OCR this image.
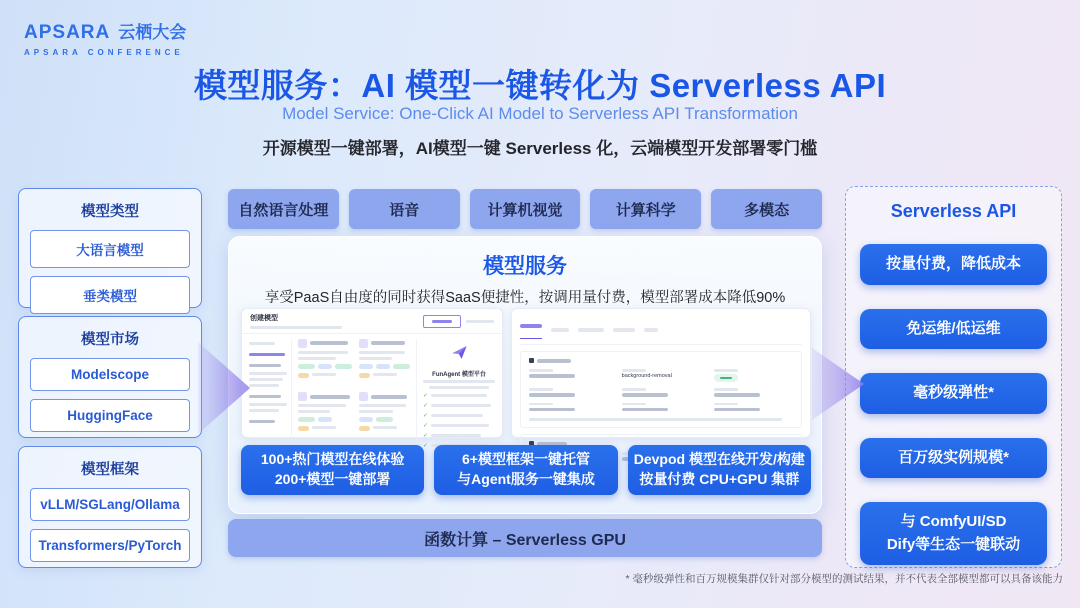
APSARA 云栖大会
APSARA CONFERENCE
模型服务：AI 模型一键转化为 Serverless API
Model Service: One-Click AI Model to Serverless API Transformation
开源模型一键部署，AI模型一键 Serverless 化，云端模型开发部署零门槛
模型类型
大语言模型
垂类模型
模型市场
Modelscope
HuggingFace
模型框架
vLLM/SGLang/Ollama
Transformers/PyTorch
自然语言处理	语音	计算机视觉	计算科学	多模态
模型服务
享受PaaS自由度的同时获得SaaS便捷性，按调用量付费，模型部署成本降低90%
创建模型
FunAgent 模型平台
✓
✓
✓
✓
✓
✓
background-removal
100+热门模型在线体验
200+模型一键部署
6+模型框架一键托管
与Agent服务一键集成
Devpod 模型在线开发/构建
按量付费 CPU+GPU 集群
函数计算 – Serverless GPU
Serverless API
按量付费，降低成本
免运维/低运维
毫秒级弹性*
百万级实例规模*
与 ComfyUI/SD
Dify等生态一键联动
* 毫秒级弹性和百万规模集群仅针对部分模型的测试结果，并不代表全部模型都可以具备该能力
